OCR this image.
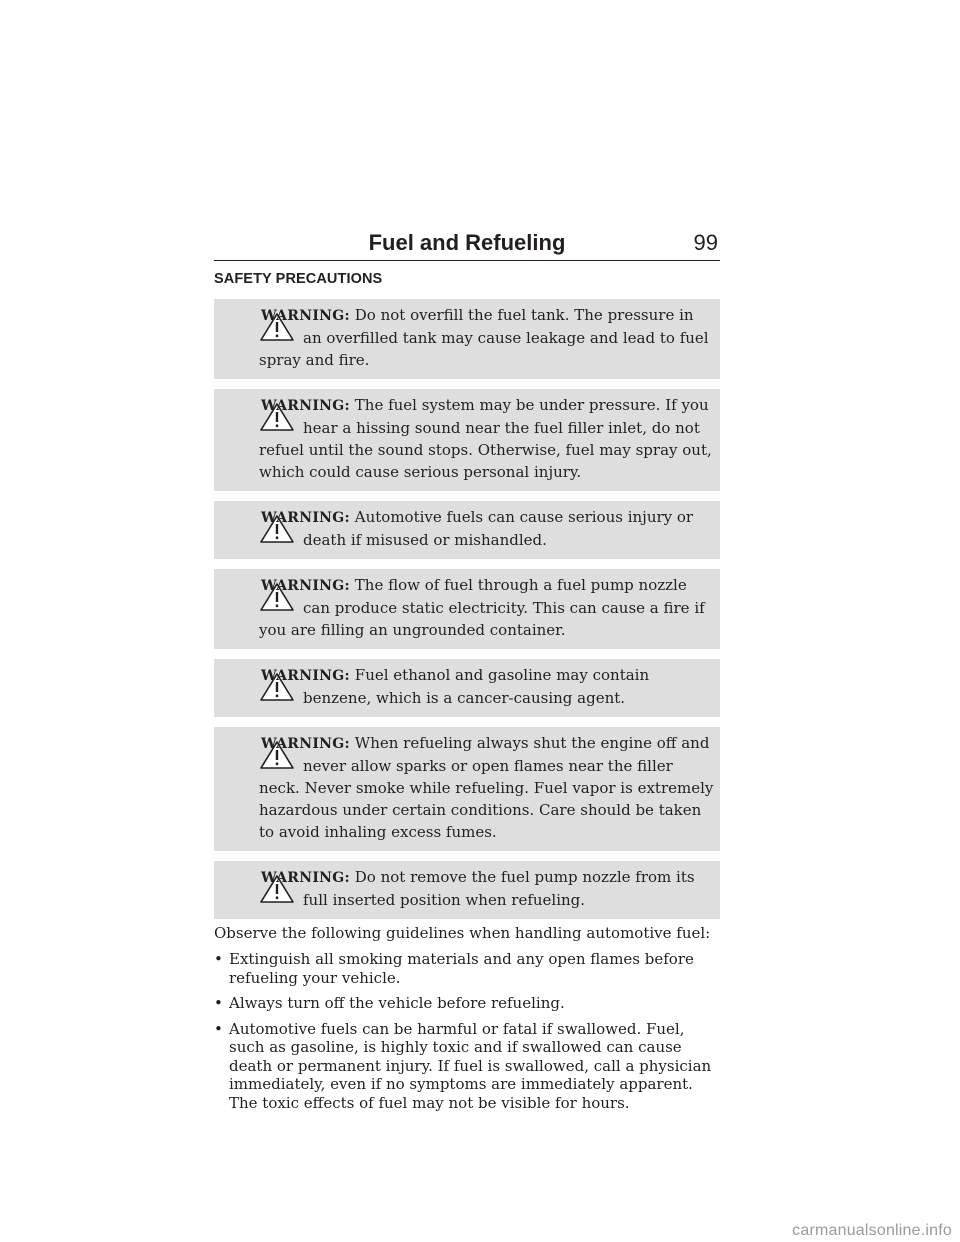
Fuel and Refueling	99
SAFETY PRECAUTIONS

WARNING: Do not overfill the fuel tank. The pressure in an overfilled tank may cause leakage and lead to fuel spray and fire.

WARNING: The fuel system may be under pressure. If you hear a hissing sound near the fuel filler inlet, do not refuel until the sound stops. Otherwise, fuel may spray out, which could cause serious personal injury.

WARNING: Automotive fuels can cause serious injury or death if misused or mishandled.

WARNING: The flow of fuel through a fuel pump nozzle can produce static electricity. This can cause a fire if you are filling an ungrounded container.

WARNING: Fuel ethanol and gasoline may contain benzene, which is a cancer-causing agent.

WARNING: When refueling always shut the engine off and never allow sparks or open flames near the filler neck. Never smoke while refueling. Fuel vapor is extremely hazardous under certain conditions. Care should be taken to avoid inhaling excess fumes.

WARNING: Do not remove the fuel pump nozzle from its full inserted position when refueling.

Observe the following guidelines when handling automotive fuel:
• Extinguish all smoking materials and any open flames before refueling your vehicle.
• Always turn off the vehicle before refueling.
• Automotive fuels can be harmful or fatal if swallowed. Fuel, such as gasoline, is highly toxic and if swallowed can cause death or permanent injury. If fuel is swallowed, call a physician immediately, even if no symptoms are immediately apparent. The toxic effects of fuel may not be visible for hours.
carmanualsonline.info
